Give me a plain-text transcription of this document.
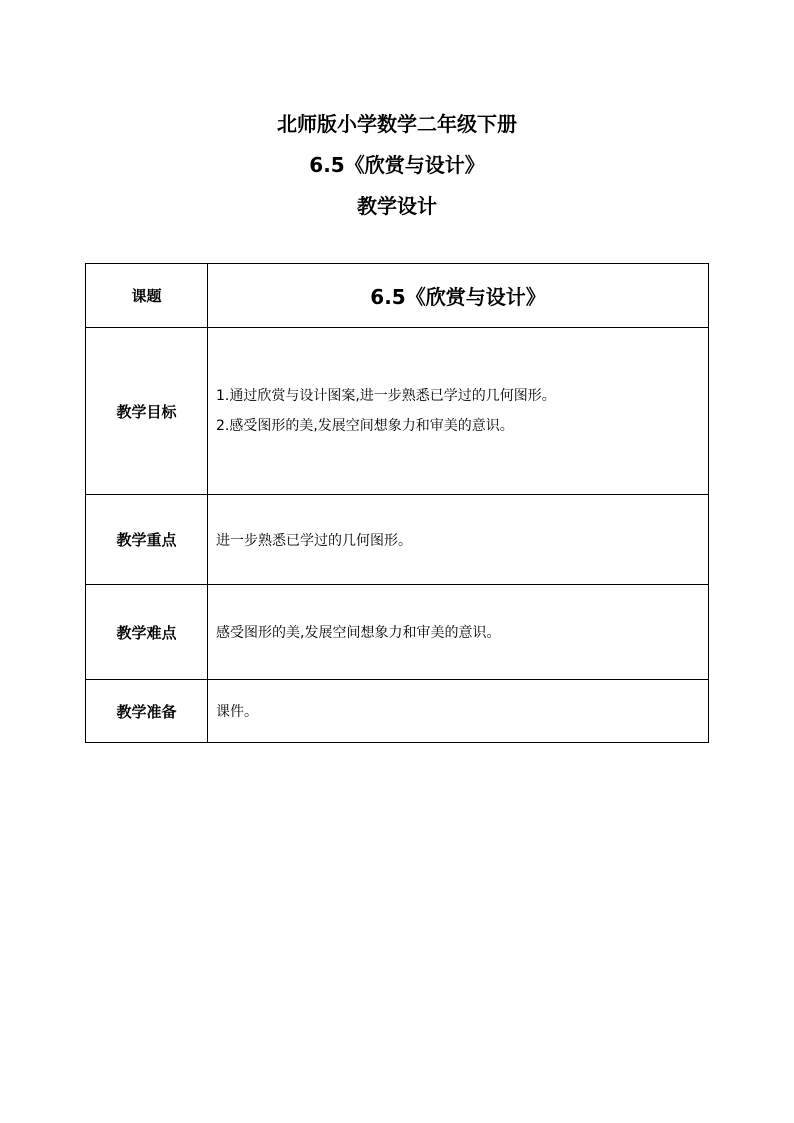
北师版小学数学二年级下册
6.5《欣赏与设计》
教学设计
课题	6.5《欣赏与设计》
教学目标	1.通过欣赏与设计图案,进一步熟悉已学过的几何图形。
2.感受图形的美,发展空间想象力和审美的意识。

教学重点	进一步熟悉已学过的几何图形。
教学难点	感受图形的美,发展空间想象力和审美的意识。
教学准备	课件。
